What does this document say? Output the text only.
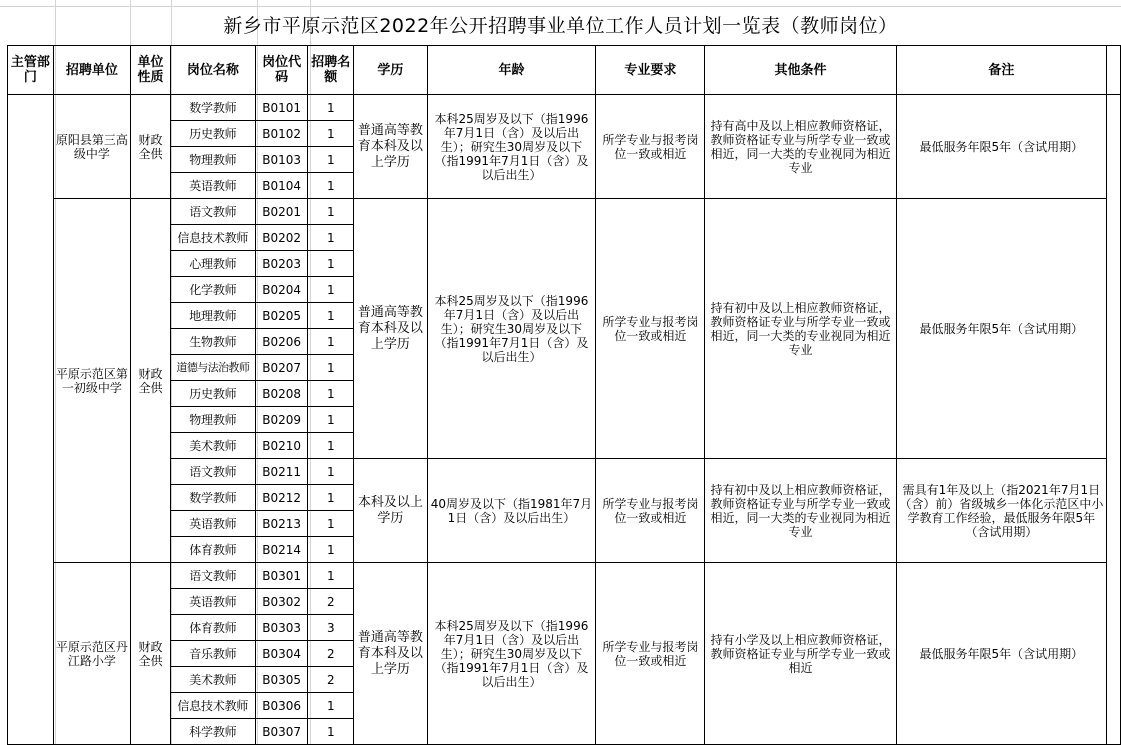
新乡市平原示范区2022年公开招聘事业单位工作人员计划一览表（教师岗位）
主管部门	招聘单位	单位性质	岗位名称	岗位代码	招聘名额	学历	年龄	专业要求	其他条件	备注	
	原阳县第三高级中学	财政全供	数学教师	B0101	1	普通高等教育本科及以上学历	本科25周岁及以下（指1996年7月1日（含）及以后出生）；研究生30周岁及以下（指1991年7月1日（含）及以后出生）	所学专业与报考岗位一致或相近	持有高中及以上相应教师资格证，教师资格证专业与所学专业一致或相近，同一大类的专业视同为相近专业	最低服务年限5年（含试用期）	
			历史教师	B0102	1						
			物理教师	B0103	1						
			英语教师	B0104	1						
	平原示范区第一初级中学	财政全供	语文教师	B0201	1	普通高等教育本科及以上学历	本科25周岁及以下（指1996年7月1日（含）及以后出生）；研究生30周岁及以下（指1991年7月1日（含）及以后出生）	所学专业与报考岗位一致或相近	持有初中及以上相应教师资格证，教师资格证专业与所学专业一致或相近，同一大类的专业视同为相近专业	最低服务年限5年（含试用期）	
			信息技术教师	B0202	1						
			心理教师	B0203	1						
			化学教师	B0204	1						
			地理教师	B0205	1						
			生物教师	B0206	1						
			道德与法治教师	B0207	1						
			历史教师	B0208	1						
			物理教师	B0209	1						
			美术教师	B0210	1						
			语文教师	B0211	1	本科及以上学历	40周岁及以下（指1981年7月1日（含）及以后出生）	所学专业与报考岗位一致或相近	持有初中及以上相应教师资格证，教师资格证专业与所学专业一致或相近，同一大类的专业视同为相近专业	需具有1年及以上（指2021年7月1日（含）前）省级城乡一体化示范区中小学教育工作经验，最低服务年限5年（含试用期）	
			数学教师	B0212	1						
			英语教师	B0213	1						
			体育教师	B0214	1						
	平原示范区丹江路小学	财政全供	语文教师	B0301	1	普通高等教育本科及以上学历	本科25周岁及以下（指1996年7月1日（含）及以后出生）；研究生30周岁及以下（指1991年7月1日（含）及以后出生）	所学专业与报考岗位一致或相近	持有小学及以上相应教师资格证，教师资格证专业与所学专业一致或相近	最低服务年限5年（含试用期）	
			英语教师	B0302	2						
			体育教师	B0303	3						
			音乐教师	B0304	2						
			美术教师	B0305	2						
			信息技术教师	B0306	1						
			科学教师	B0307	1						
